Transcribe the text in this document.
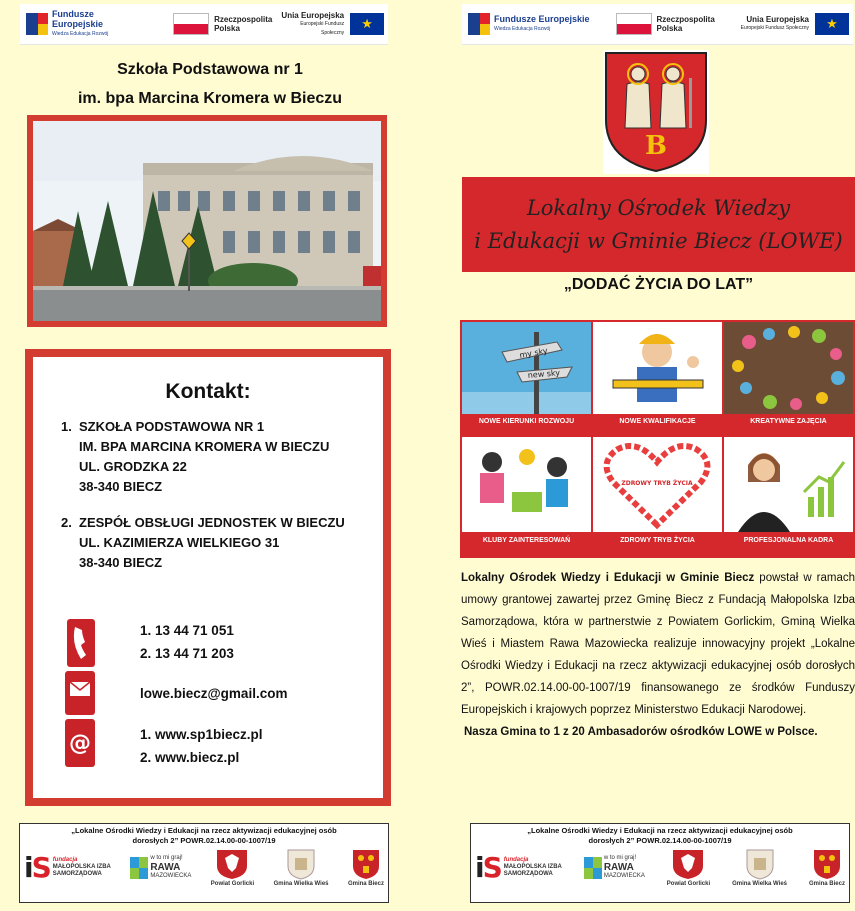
Fundusze Europejskie
Wiedza Edukacja Rozwój
Rzeczpospolita Polska
Unia Europejska
Europejski Fundusz Społeczny
★
Szkoła Podstawowa nr 1
im. bpa Marcina Kromera w Bieczu
Kontakt:
1. SZKOŁA PODSTAWOWA NR 1
IM. BPA MARCINA KROMERA W BIECZU
UL. GRODZKA 22
38-340 BIECZ
2. ZESPÓŁ OBSŁUGI JEDNOSTEK W BIECZU
UL. KAZIMIERZA WIELKIEGO 31
38-340 BIECZ
@
1. 13 44 71 051
2. 13 44 71 203
lowe.biecz@gmail.com
1. www.sp1biecz.pl
2. www.biecz.pl
„Lokalne Ośrodki Wiedzy i Edukacji na rzecz aktywizacji edukacyjnej osób
dorosłych 2” POWR.02.14.00-00-1007/19
iS fundacja
MAŁOPOLSKA IZBA
SAMORZĄDOWA
w to mi graj!
RAWA
MAZOWIECKA
Powiat Gorlicki	Gmina Wielka Wieś	Gmina Biecz
Fundusze Europejskie
Wiedza Edukacja Rozwój
Rzeczpospolita Polska
Unia Europejska
Europejski Fundusz Społeczny	★
B
Lokalny Ośrodek Wiedzy
i Edukacji w Gminie Biecz (LOWE)
„DODAĆ ŻYCIA DO LAT”
my sky
new sky
NOWE KIERUNKI ROZWOJU	NOWE KWALIFIKACJE	KREATYWNE ZAJĘCIA
KLUBY ZAINTERESOWAŃ
ZDROWY TRYB ŻYCIA
ZDROWY TRYB ŻYCIA	PROFESJONALNA KADRA
Lokalny Ośrodek Wiedzy i Edukacji w Gminie Biecz powstał w ramach umowy grantowej zawartej przez Gminę Biecz z Fundacją Małopolska Izba Samorządowa, która w partnerstwie z Powiatem Gorlickim, Gminą Wielka Wieś i Miastem Rawa Mazowiecka realizuje innowacyjny projekt „Lokalne Ośrodki Wiedzy i Edukacji na rzecz aktywizacji edukacyjnej osób dorosłych 2”, POWR.02.14.00-00-1007/19 finansowanego ze środków Funduszy Europejskich i krajowych poprzez Ministerstwo Edukacji Narodowej.
Nasza Gmina to 1 z 20 Ambasadorów ośrodków LOWE w Polsce.
„Lokalne Ośrodki Wiedzy i Edukacji na rzecz aktywizacji edukacyjnej osób
dorosłych 2” POWR.02.14.00-00-1007/19
iS fundacja
MAŁOPOLSKA IZBA
SAMORZĄDOWA
w to mi graj!
RAWA
MAZOWIECKA
Powiat Gorlicki	Gmina Wielka Wieś	Gmina Biecz
